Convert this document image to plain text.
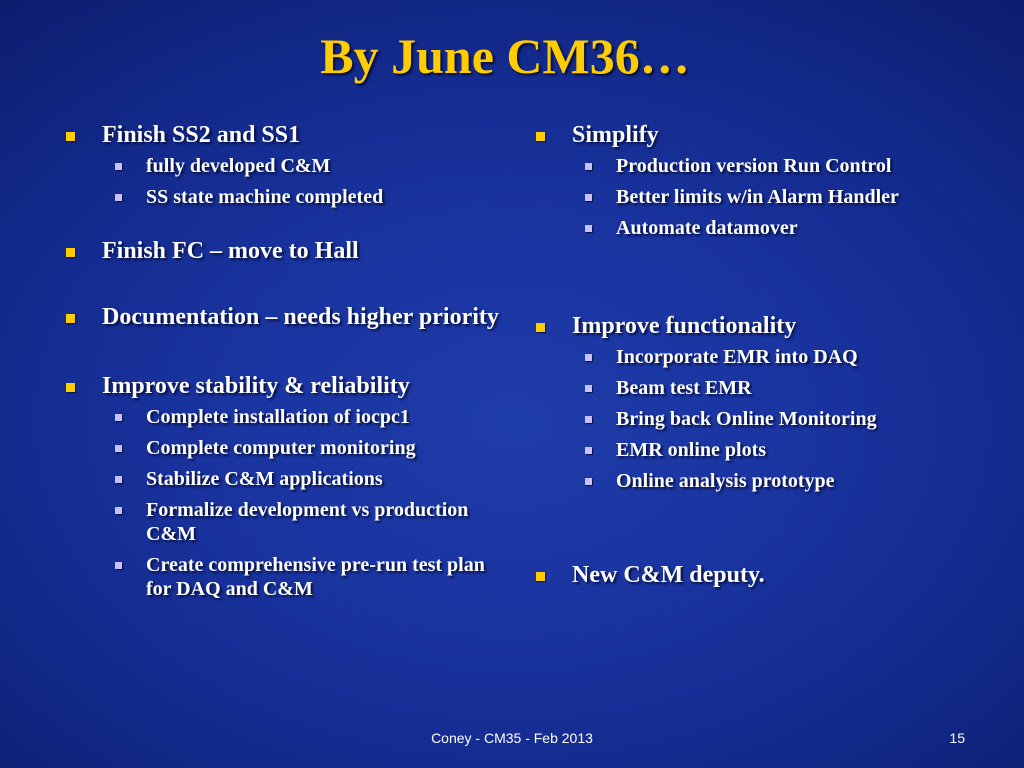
By June CM36…
Finish SS2 and SS1
fully developed C&M
SS state machine completed
Finish FC – move to Hall
Documentation – needs higher priority
Improve stability & reliability
Complete installation of iocpc1
Complete computer monitoring
Stabilize C&M applications
Formalize development vs production C&M
Create comprehensive pre-run test plan for DAQ and C&M
Simplify
Production version Run Control
Better limits w/in Alarm Handler
Automate datamover
Improve functionality
Incorporate EMR into DAQ
Beam test EMR
Bring back Online Monitoring
EMR online plots
Online analysis prototype
New C&M deputy.
Coney - CM35 - Feb 2013	15
